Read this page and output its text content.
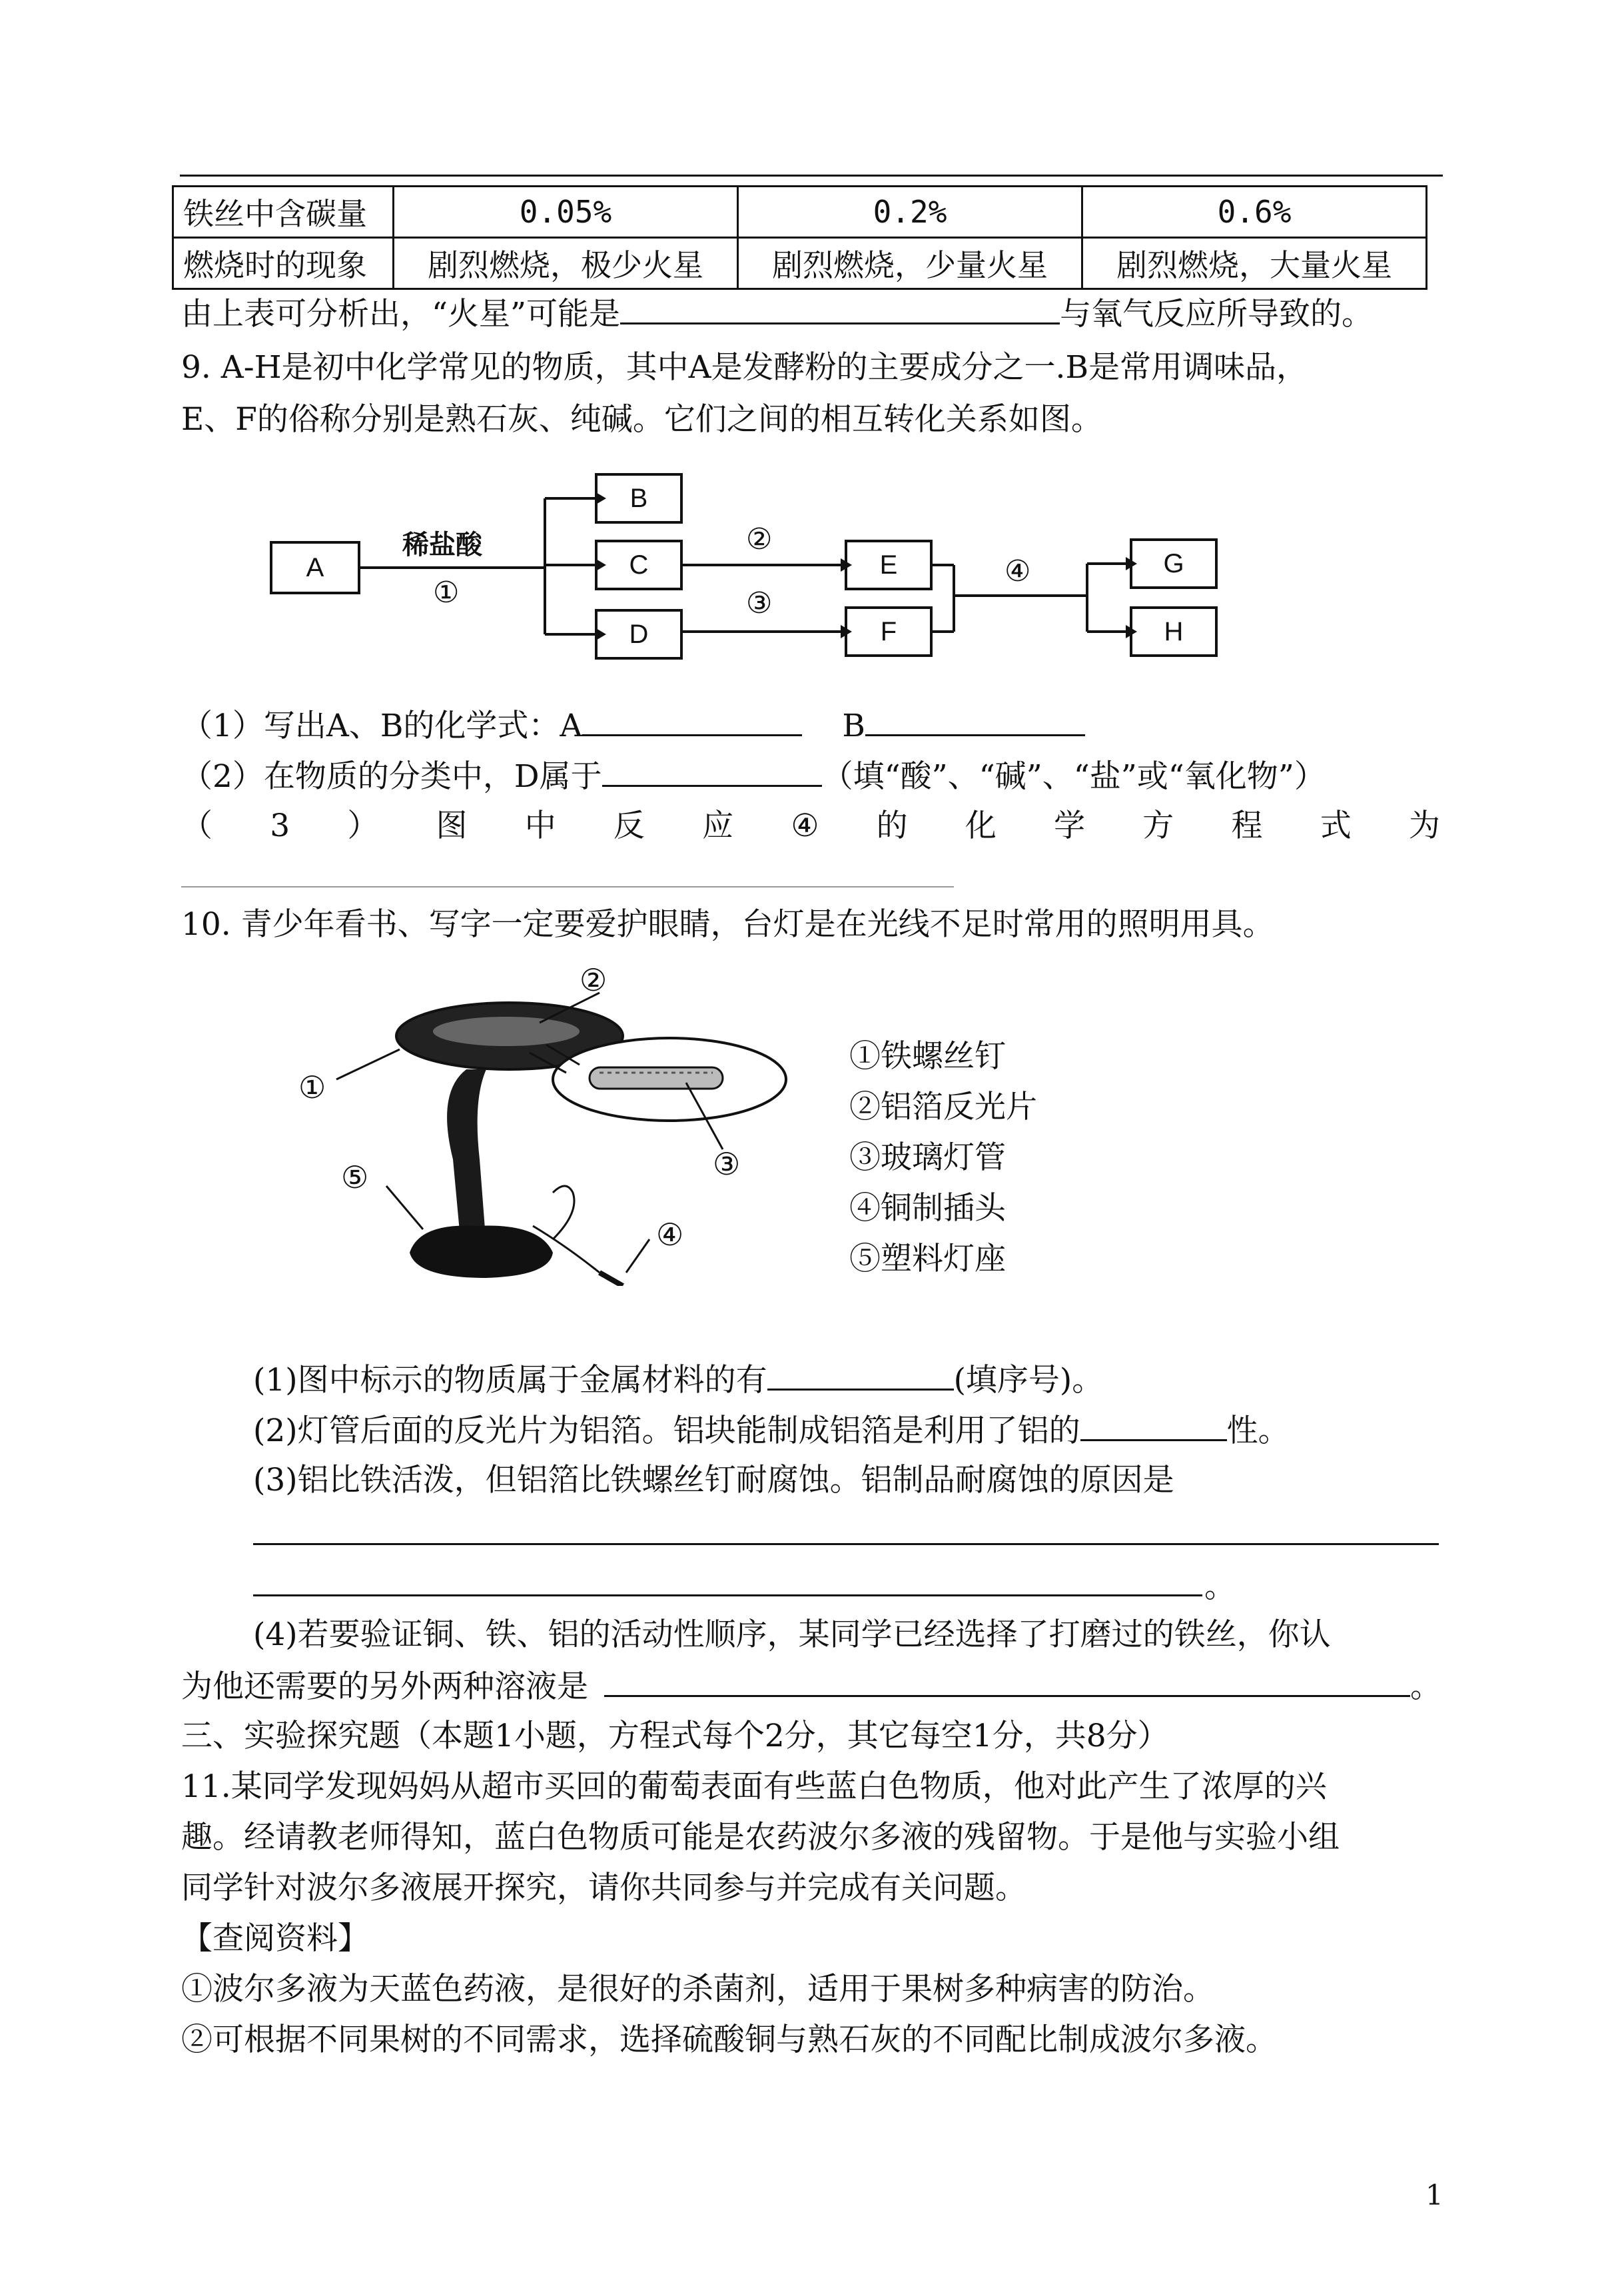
铁丝中含碳量	0.05%	0.2%	0.6%
燃烧时的现象	剧烈燃烧，极少火星	剧烈燃烧，少量火星	剧烈燃烧，大量火星
由上表可分析出，“火星”可能是	与氧气反应所导致的。
9. A-H是初中化学常见的物质，其中A是发酵粉的主要成分之一.B是常用调味品，
E、F的俗称分别是熟石灰、纯碱。它们之间的相互转化关系如图。
A
B
C
D
E
F
G
H
稀盐酸
①
②
③
④
（1）写出A、B的化学式：A	B
（2）在物质的分类中，D属于	（填“酸”、“碱”、“盐”或“氧化物”）
（ 3 ） 图 中 反 应 ④ 的 化 学 方 程 式 为
10. 青少年看书、写字一定要爱护眼睛，台灯是在光线不足时常用的照明用具。
②
①
③
⑤
④
①铁螺丝钉
②铝箔反光片
③玻璃灯管
④铜制插头
⑤塑料灯座
(1)图中标示的物质属于金属材料的有	(填序号)。
(2)灯管后面的反光片为铝箔。铝块能制成铝箔是利用了铝的	性。
(3)铝比铁活泼，但铝箔比铁螺丝钉耐腐蚀。铝制品耐腐蚀的原因是
。
(4)若要验证铜、铁、铝的活动性顺序，某同学已经选择了打磨过的铁丝，你认
为他还需要的另外两种溶液是	。
三、实验探究题（本题1小题，方程式每个2分，其它每空1分，共8分）
11.某同学发现妈妈从超市买回的葡萄表面有些蓝白色物质，他对此产生了浓厚的兴
趣。经请教老师得知，蓝白色物质可能是农药波尔多液的残留物。于是他与实验小组
同学针对波尔多液展开探究，请你共同参与并完成有关问题。
【查阅资料】
①波尔多液为天蓝色药液，是很好的杀菌剂，适用于果树多种病害的防治。
②可根据不同果树的不同需求，选择硫酸铜与熟石灰的不同配比制成波尔多液。
1
